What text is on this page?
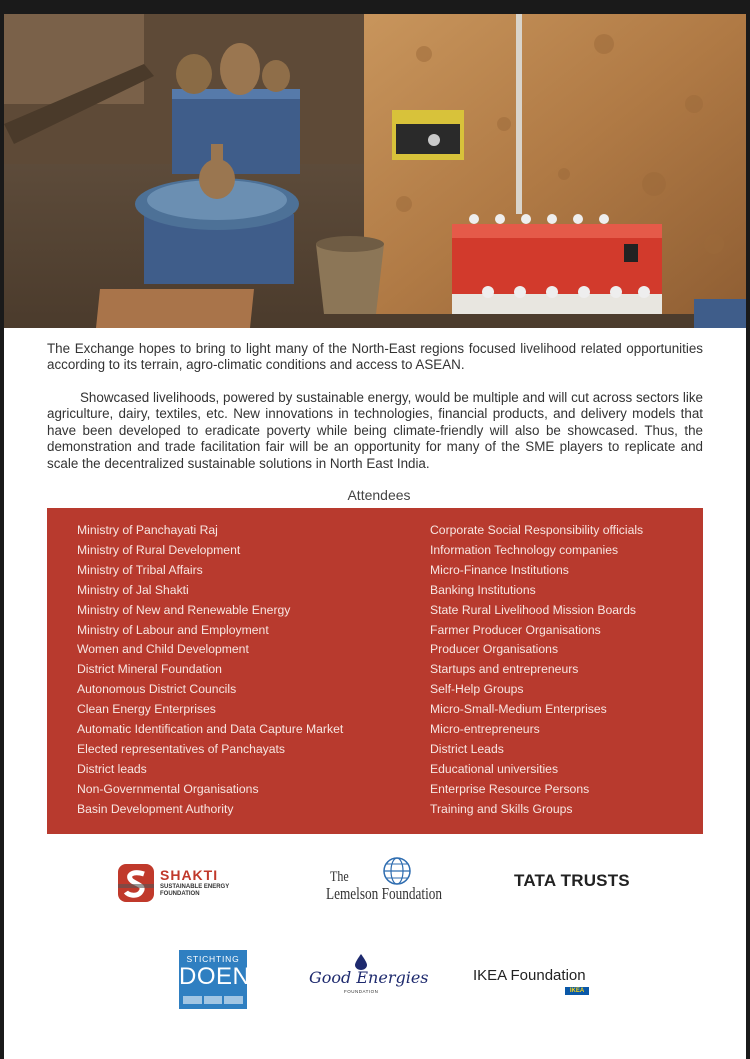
The Exchange hopes to bring to light many of the North-East regions focused livelihood related opportunities according to its terrain, agro-climatic conditions and access to ASEAN.

Showcased livelihoods, powered by sustainable energy, would be multiple and will cut across sectors like agriculture, dairy, textiles, etc. New innovations in technologies, financial products, and delivery models that have been developed to eradicate poverty while being climate-friendly will also be showcased. Thus, the demonstration and trade facilitation fair will be an opportunity for many of the SME players to replicate and scale the decentralized sustainable solutions in North East India.

Attendees
Ministry of Panchayati Raj
Ministry of Rural Development
Ministry of Tribal Affairs
Ministry of Jal Shakti
Ministry of New and Renewable Energy
Ministry of Labour and Employment
Women and Child Development
District Mineral Foundation
Autonomous District Councils
Clean Energy Enterprises
Automatic Identification and Data Capture Market
Elected representatives of Panchayats
District leads
Non-Governmental Organisations
Basin Development Authority
Corporate Social Responsibility officials
Information Technology companies
Micro-Finance Institutions
Banking Institutions
State Rural Livelihood Mission Boards
Farmer Producer Organisations
Producer Organisations
Startups and entrepreneurs
Self-Help Groups
Micro-Small-Medium Enterprises
Micro-entrepreneurs
District Leads
Educational universities
Enterprise Resource Persons
Training and Skills Groups
SHAKTI
SUSTAINABLE ENERGY
FOUNDATION
The
Lemelson Foundation
TATA TRUSTS
STICHTING
DOEN	Good Energies
FOUNDATION
IKEA Foundation
IKEA
